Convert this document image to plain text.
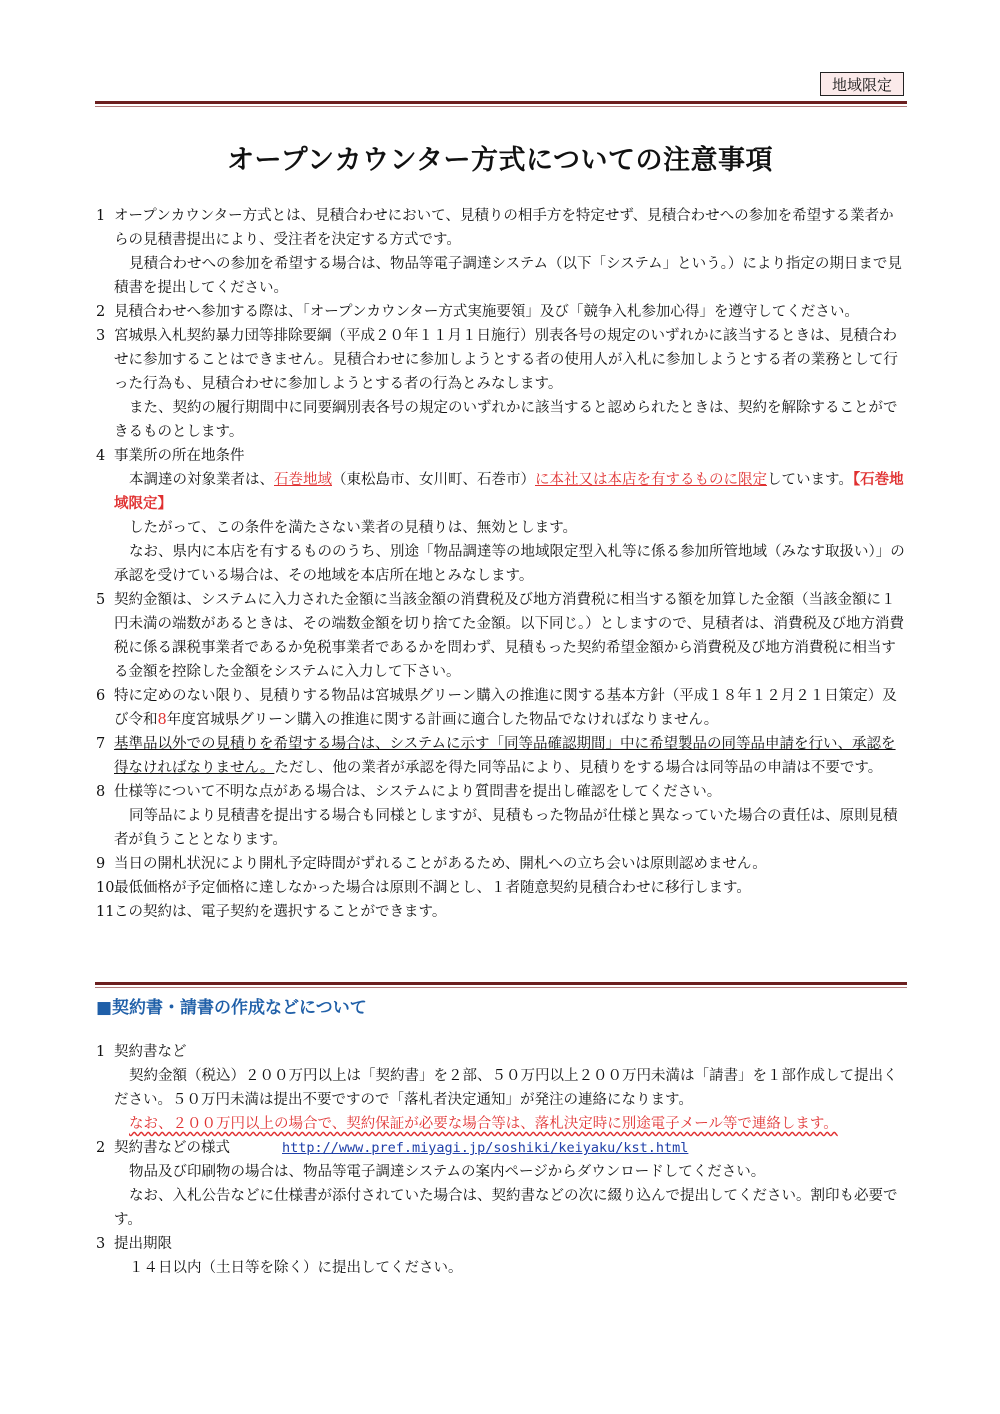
地域限定
オープンカウンター方式についての注意事項

1 オープンカウンター方式とは、見積合わせにおいて、見積りの相手方を特定せず、見積合わせへの参加を希望する業者からの見積書提出により、受注者を決定する方式です。

見積合わせへの参加を希望する場合は、物品等電子調達システム（以下「システム」という。）により指定の期日まで見積書を提出してください。

2 見積合わせへ参加する際は、「オープンカウンター方式実施要領」及び「競争入札参加心得」を遵守してください。

3 宮城県入札契約暴力団等排除要綱（平成２０年１１月１日施行）別表各号の規定のいずれかに該当するときは、見積合わせに参加することはできません。見積合わせに参加しようとする者の使用人が入札に参加しようとする者の業務として行った行為も、見積合わせに参加しようとする者の行為とみなします。

また、契約の履行期間中に同要綱別表各号の規定のいずれかに該当すると認められたときは、契約を解除することができるものとします。

4 事業所の所在地条件

本調達の対象業者は、石巻地域（東松島市、女川町、石巻市）に本社又は本店を有するものに限定しています。【石巻地域限定】

したがって、この条件を満たさない業者の見積りは、無効とします。

なお、県内に本店を有するもののうち、別途「物品調達等の地域限定型入札等に係る参加所管地域（みなす取扱い）」の承認を受けている場合は、その地域を本店所在地とみなします。

5 契約金額は、システムに入力された金額に当該金額の消費税及び地方消費税に相当する額を加算した金額（当該金額に１円未満の端数があるときは、その端数金額を切り捨てた金額。以下同じ。）としますので、見積者は、消費税及び地方消費税に係る課税事業者であるか免税事業者であるかを問わず、見積もった契約希望金額から消費税及び地方消費税に相当する金額を控除した金額をシステムに入力して下さい。

6 特に定めのない限り、見積りする物品は宮城県グリーン購入の推進に関する基本方針（平成１８年１２月２１日策定）及び令和8年度宮城県グリーン購入の推進に関する計画に適合した物品でなければなりません。

7 基準品以外での見積りを希望する場合は、システムに示す「同等品確認期間」中に希望製品の同等品申請を行い、承認を得なければなりません。ただし、他の業者が承認を得た同等品により、見積りをする場合は同等品の申請は不要です。

8 仕様等について不明な点がある場合は、システムにより質問書を提出し確認をしてください。

同等品により見積書を提出する場合も同様としますが、見積もった物品が仕様と異なっていた場合の責任は、原則見積者が負うこととなります。

9 当日の開札状況により開札予定時間がずれることがあるため、開札への立ち会いは原則認めません。

10 最低価格が予定価格に達しなかった場合は原則不調とし、１者随意契約見積合わせに移行します。

11 この契約は、電子契約を選択することができます。

■契約書・請書の作成などについて

1 契約書など

契約金額（税込）２００万円以上は「契約書」を２部、５０万円以上２００万円未満は「請書」を１部作成して提出ください。５０万円未満は提出不要ですので「落札者決定通知」が発注の連絡になります。

なお、２００万円以上の場合で、契約保証が必要な場合等は、落札決定時に別途電子メール等で連絡します。

2 契約書などの様式	http://www.pref.miyagi.jp/soshiki/keiyaku/kst.html

物品及び印刷物の場合は、物品等電子調達システムの案内ページからダウンロードしてください。

なお、入札公告などに仕様書が添付されていた場合は、契約書などの次に綴り込んで提出してください。割印も必要です。

3 提出期限

１４日以内（土日等を除く）に提出してください。
